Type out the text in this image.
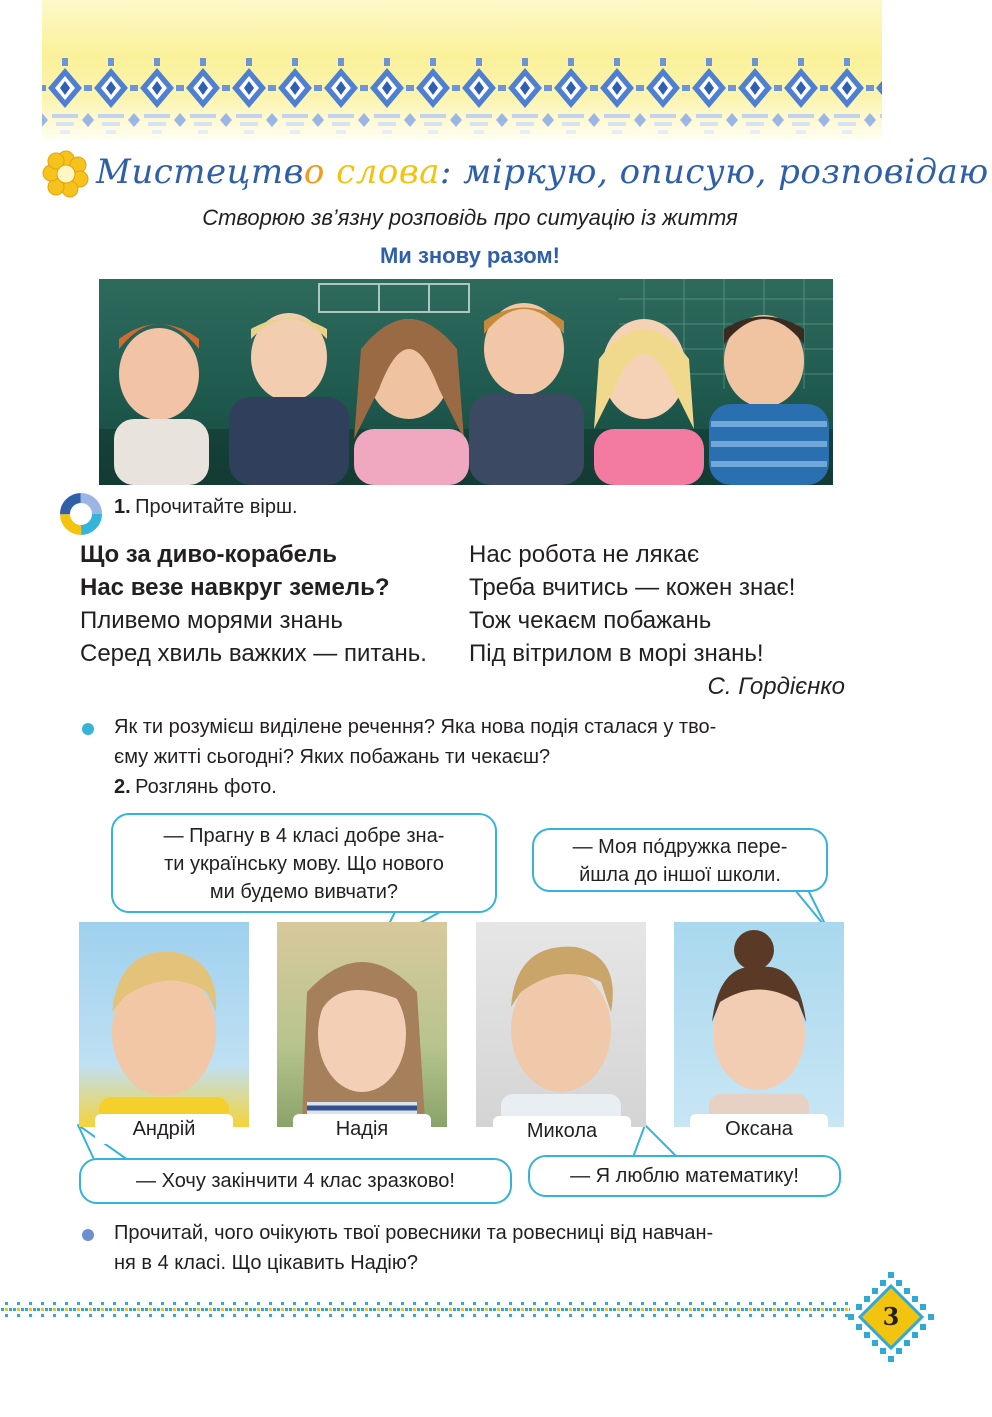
Мистецтво слова: міркую, описую, розповідаю
Створюю зв’язну розповідь про ситуацію із життя
Ми знову разом!
1. Прочитайте вірш.
Що за диво-корабель
Нас везе навкруг земель?
Пливемо морями знань
Серед хвиль важких — питань.
Нас робота не лякає
Треба вчитись — кожен знає!
Тож чекаєм побажань
Під вітрилом в морі знань!
С. Гордієнко
Як ти розумієш виділене речення? Яка нова подія сталася у тво-
єму житті сьогодні? Яких побажань ти чекаєш?
2. Розглянь фото.
— Прагну в 4 класі добре зна-
ти українську мову. Що нового
ми будемо вивчати?
— Моя по́дружка пере-
йшла до іншої школи.
Андрій	Надія	Микола	Оксана
— Хочу закінчити 4 клас зразково!	— Я люблю математику!
Прочитай, чого очікують твої ровесники та ровесниці від навчан-
ня в 4 класі. Що цікавить Надію?
3
